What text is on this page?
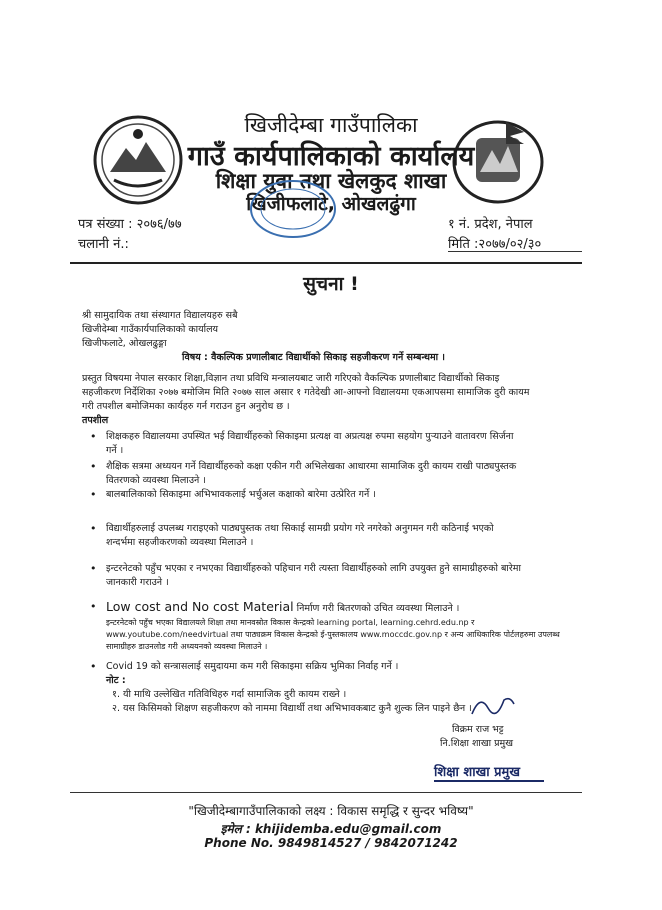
खिजीदेम्बा गाउँपालिका
गाउँ कार्यपालिकाको कार्यालय
शिक्षा युवा तथा खेलकुद शाखा
खिजीफलाटे, ओखलढुंगा
पत्र संख्या : २०७६/७७
चलानी नं.:
१ नं. प्रदेश, नेपाल
मिति :२०७७/०२/३०
सुचना !
श्री सामुदायिक तथा संस्थागत विद्यालयहरु सबै
खिजीदेम्बा गाउँकार्यपालिकाको कार्यालय
खिजीफलाटे, ओखलढुङ्गा
विषय : वैकल्पिक प्रणालीबाट विद्यार्थीको सिकाइ सहजीकरण गर्ने सम्बन्धमा ।
प्रस्तुत विषयमा नेपाल सरकार शिक्षा,विज्ञान तथा प्रविधि मन्त्रालयबाट जारी गरिएको वैकल्पिक प्रणालीबाट विद्यार्थीको सिकाइ
सहजीकरण निर्देशिका २०७७ बमोजिम मिति २०७७ साल असार १ गतेदेखी आ-आफ्नो विद्यालयमा एकआपसमा सामाजिक दुरी कायम
गरी तपशील बमोजिमका कार्यहरु गर्न गराउन हुन अनुरोध छ ।
तपशील
• शिक्षकहरु विद्यालयमा उपस्थित भई विद्यार्थीहरुको सिकाइमा प्रत्यक्ष वा अप्रत्यक्ष रुपमा सहयोग पुर्‍याउने वातावरण सिर्जना
गर्ने ।
• शैक्षिक सत्रमा अध्ययन गर्ने विद्यार्थीहरुको कक्षा एकीन गरी अभिलेखका आधारमा सामाजिक दुरी कायम राखी पाठ्यपुस्तक
वितरणको व्यवस्था मिलाउने ।
• बालबालिकाको सिकाइमा अभिभावकलाई भर्चुअल कक्षाको बारेमा उत्प्रेरित गर्ने ।
• विद्यार्थीहरुलाई उपलब्ध गराइएको पाठ्यपुस्तक तथा सिकाई सामग्री प्रयोग गरे नगरेको अनुगमन गरी कठिनाई भएको
शन्दर्भमा सहजीकरणको व्यवस्था मिलाउने ।
• इन्टरनेटको पहुँच भएका र नभएका विद्यार्थीहरुको पहिचान गरी त्यस्ता विद्यार्थीहरुको लागि उपयुक्त हुने सामाग्रीहरुको बारेमा
जानकारी गराउने ।
• Low cost and No cost Material निर्माण गरी बितरणको उचित व्यवस्था मिलाउने ।
इन्टरनेटको पहुँच भएका विद्यालयले शिक्षा तथा मानवस्रोत विकास केन्द्रको learning portal, learning.cehrd.edu.np र
www.youtube.com/needvirtual तथा पाठ्यक्रम विकास केन्द्रको ई-पुस्तकालय www.moccdc.gov.np र अन्य आधिकारिक पोर्टलहरुमा उपलब्ध
सामाग्रीहरु डाउनलोड गरी अध्ययनको व्यवस्था मिलाउने ।
• Covid 19 को सन्त्रासलाई समुदायमा कम गरी सिकाइमा सक्रिय भुमिका निर्वाह गर्ने ।
नोट :
१. यी माथि उल्लेखित गतिविधिहरु गर्दा सामाजिक दुरी कायम राख्ने ।
२. यस किसिमको शिक्षण सहजीकरण को नाममा विद्यार्थी तथा अभिभावकबाट कुनै शुल्क लिन पाइने छैन ।
विक्रम राज भट्ट
नि.शिक्षा शाखा प्रमुख
शिक्षा शाखा प्रमुख
"खिजीदेम्बागाउँपालिकाको लक्ष्य : विकास समृद्धि र सुन्दर भविष्य"
इमेल : khijidemba.edu@gmail.com
Phone No. 9849814527 / 9842071242
